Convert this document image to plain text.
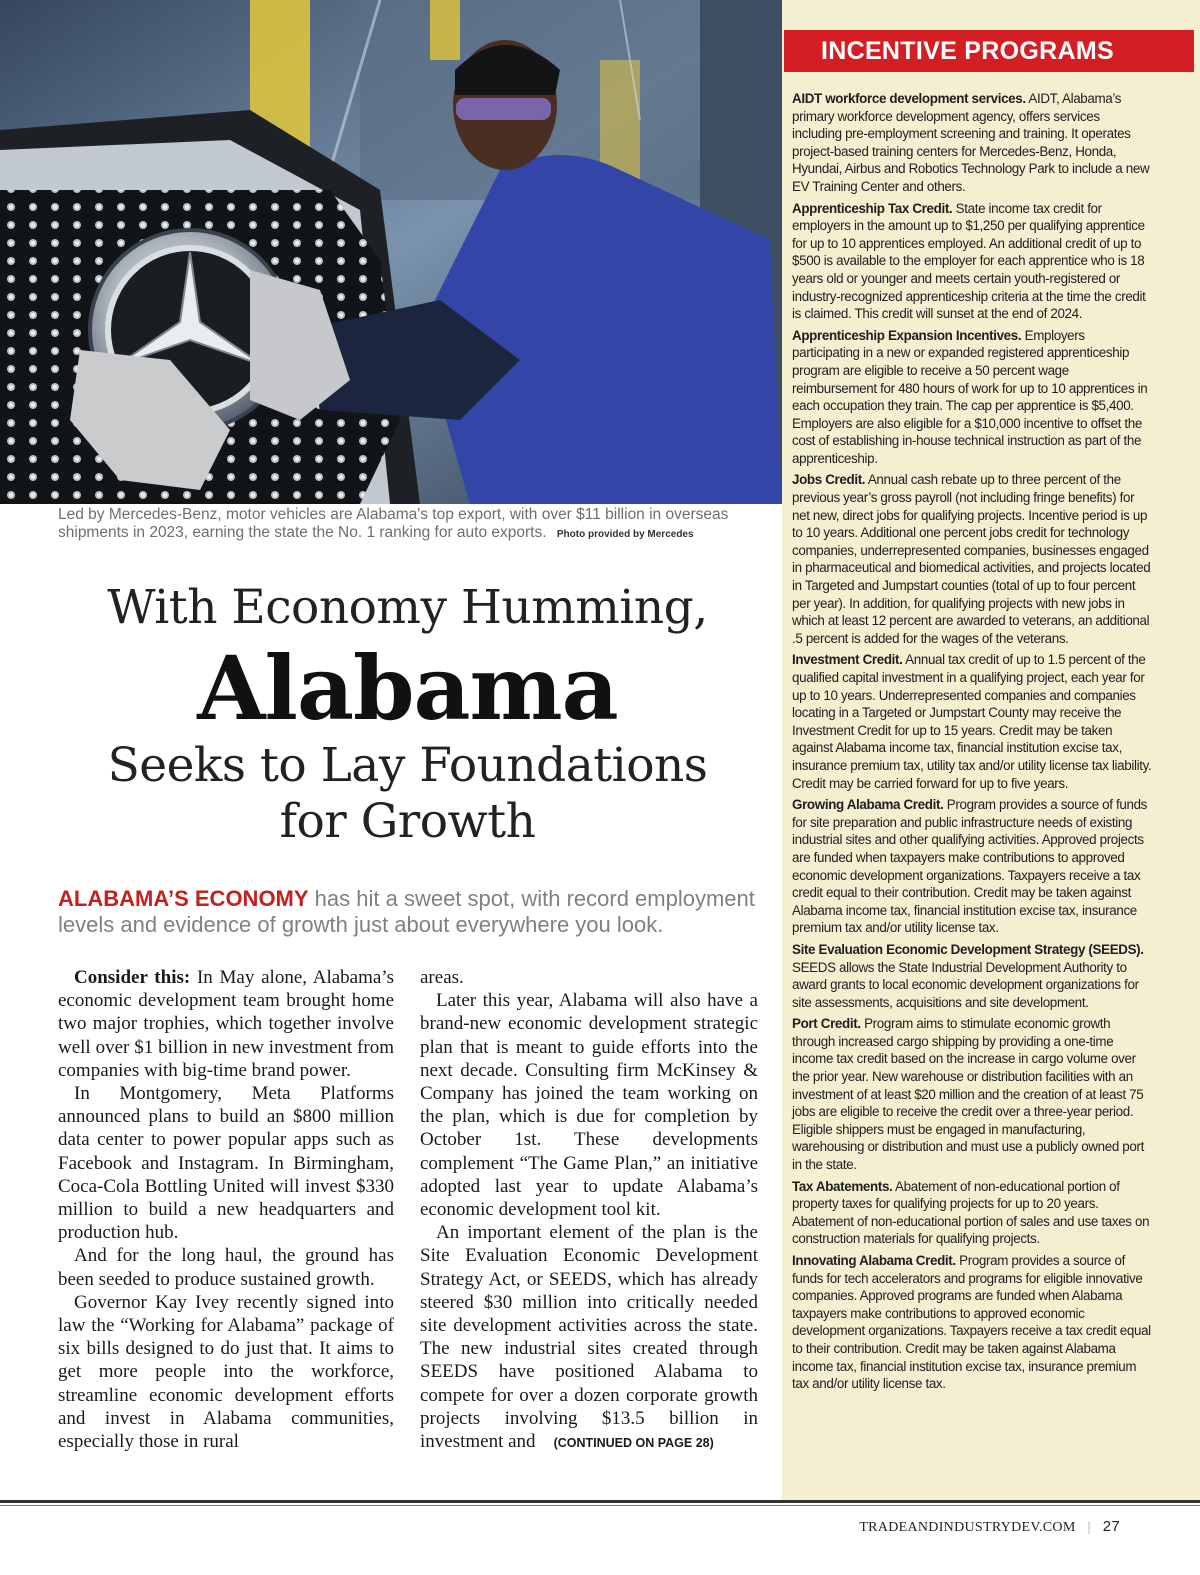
Led by Mercedes-Benz, motor vehicles are Alabama's top export, with over $11 billion in overseas shipments in 2023, earning the state the No. 1 ranking for auto exports. Photo provided by Mercedes
With Economy Humming,
Alabama
Seeks to Lay Foundations
for Growth
ALABAMA’S ECONOMY has hit a sweet spot, with record employment levels and evidence of growth just about everywhere you look.

Consider this: In May alone, Alabama’s economic development team brought home two major trophies, which together involve well over $1 billion in new investment from companies with big-time brand power.

In Montgomery, Meta Platforms announced plans to build an $800 million data center to power popular apps such as Facebook and Instagram. In Birmingham, Coca-Cola Bottling United will invest $330 million to build a new headquarters and production hub.

And for the long haul, the ground has been seeded to produce sustained growth.

Governor Kay Ivey recently signed into law the “Working for Alabama” package of six bills designed to do just that. It aims to get more people into the workforce, streamline economic development efforts and invest in Alabama communities, especially those in rural

areas.

Later this year, Alabama will also have a brand-new economic development strategic plan that is meant to guide efforts into the next decade. Consulting firm McKinsey & Company has joined the team working on the plan, which is due for completion by October 1st. These developments complement “The Game Plan,” an initiative adopted last year to update Alabama’s economic development tool kit.

An important element of the plan is the Site Evaluation Economic Development Strategy Act, or SEEDS, which has already steered $30 million into critically needed site development activities across the state. The new industrial sites created through SEEDS have positioned Alabama to compete for over a dozen corporate growth projects involving $13.5 billion in investment and (CONTINUED ON PAGE 28)

INCENTIVE PROGRAMS

AIDT workforce development services. AIDT, Alabama’s primary workforce development agency, offers services including pre-employment screening and training. It operates project-based training centers for Mercedes-Benz, Honda, Hyundai, Airbus and Robotics Technology Park to include a new EV Training Center and others.

Apprenticeship Tax Credit. State income tax credit for employers in the amount up to $1,250 per qualifying apprentice for up to 10 apprentices employed. An additional credit of up to $500 is available to the employer for each apprentice who is 18 years old or younger and meets certain youth-registered or industry-recognized apprenticeship criteria at the time the credit is claimed. This credit will sunset at the end of 2024.

Apprenticeship Expansion Incentives. Employers participating in a new or expanded registered apprenticeship program are eligible to receive a 50 percent wage reimbursement for 480 hours of work for up to 10 apprentices in each occupation they train. The cap per apprentice is $5,400. Employers are also eligible for a $10,000 incentive to offset the cost of establishing in-house technical instruction as part of the apprenticeship.

Jobs Credit. Annual cash rebate up to three percent of the previous year’s gross payroll (not including fringe benefits) for net new, direct jobs for qualifying projects. Incentive period is up to 10 years. Additional one percent jobs credit for technology companies, underrepresented companies, businesses engaged in pharmaceutical and biomedical activities, and projects located in Targeted and Jumpstart counties (total of up to four percent per year). In addition, for qualifying projects with new jobs in which at least 12 percent are awarded to veterans, an additional .5 percent is added for the wages of the veterans.

Investment Credit. Annual tax credit of up to 1.5 percent of the qualified capital investment in a qualifying project, each year for up to 10 years. Underrepresented companies and companies locating in a Targeted or Jumpstart County may receive the Investment Credit for up to 15 years. Credit may be taken against Alabama income tax, financial institution excise tax, insurance premium tax, utility tax and/or utility license tax liability. Credit may be carried forward for up to five years.

Growing Alabama Credit. Program provides a source of funds for site preparation and public infrastructure needs of existing industrial sites and other qualifying activities. Approved projects are funded when taxpayers make contributions to approved economic development organizations. Taxpayers receive a tax credit equal to their contribution. Credit may be taken against Alabama income tax, financial institution excise tax, insurance premium tax and/or utility license tax.

Site Evaluation Economic Development Strategy (SEEDS). SEEDS allows the State Industrial Development Authority to award grants to local economic development organizations for site assessments, acquisitions and site development.

Port Credit. Program aims to stimulate economic growth through increased cargo shipping by providing a one-time income tax credit based on the increase in cargo volume over the prior year. New warehouse or distribution facilities with an investment of at least $20 million and the creation of at least 75 jobs are eligible to receive the credit over a three-year period. Eligible shippers must be engaged in manufacturing, warehousing or distribution and must use a publicly owned port in the state.

Tax Abatements. Abatement of non-educational portion of property taxes for qualifying projects for up to 20 years. Abatement of non-educational portion of sales and use taxes on construction materials for qualifying projects.

Innovating Alabama Credit. Program provides a source of funds for tech accelerators and programs for eligible innovative companies. Approved programs are funded when Alabama taxpayers make contributions to approved economic development organizations. Taxpayers receive a tax credit equal to their contribution. Credit may be taken against Alabama income tax, financial institution excise tax, insurance premium tax and/or utility license tax.

TRADEANDINDUSTRYDEV.COM | 27
